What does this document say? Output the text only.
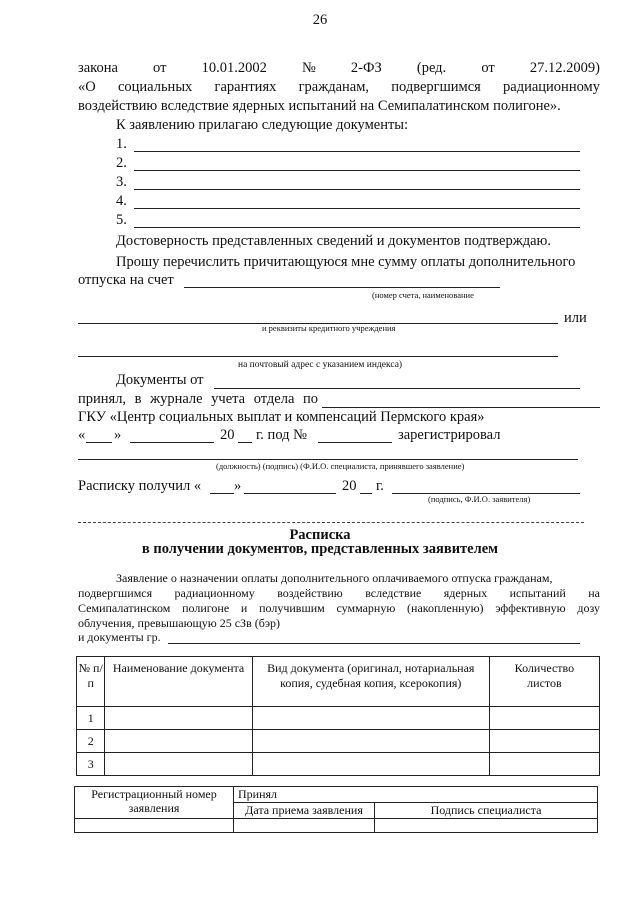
26
закона от 10.01.2002 № 2-ФЗ (ред. от 27.12.2009)
«О социальных гарантиях гражданам, подвергшимся радиационному
воздействию вследствие ядерных испытаний на Семипалатинском полигоне».
К заявлению прилагаю следующие документы:
1.
2.
3.
4.
5.
Достоверность представленных сведений и документов подтверждаю.
Прошу перечислить причитающуюся мне сумму оплаты дополнительного
отпуска на счет
(номер счета, наименование
или
и реквизиты кредитного учреждения
на почтовый адрес с указанием индекса)
Документы от
принял, в журнале учета отдела по
ГКУ «Центр социальных выплат и компенсаций Пермского края»
« »	20 г. под №	зарегистрировал
(должность) (подпись) (Ф.И.О. специалиста, принявшего заявление)
Расписку получил « »	20 г.
(подпись, Ф.И.О. заявителя)
Расписка
в получении документов, представленных заявителем
Заявление о назначении оплаты дополнительного оплачиваемого отпуска гражданам,
подвергшимся радиационному воздействию вследствие ядерных испытаний на
Семипалатинском полигоне и получившим суммарную (накопленную) эффективную дозу
облучения, превышающую 25 сЗв (бэр)
и документы гр.
№ п/п	Наименование документа	Вид документа (оригинал, нотариальная копия, судебная копия, ксерокопия)	Количество листов
1			
2			
3			
Регистрационный номер заявления	Принял	
	Дата приема заявления	Подпись специалиста
